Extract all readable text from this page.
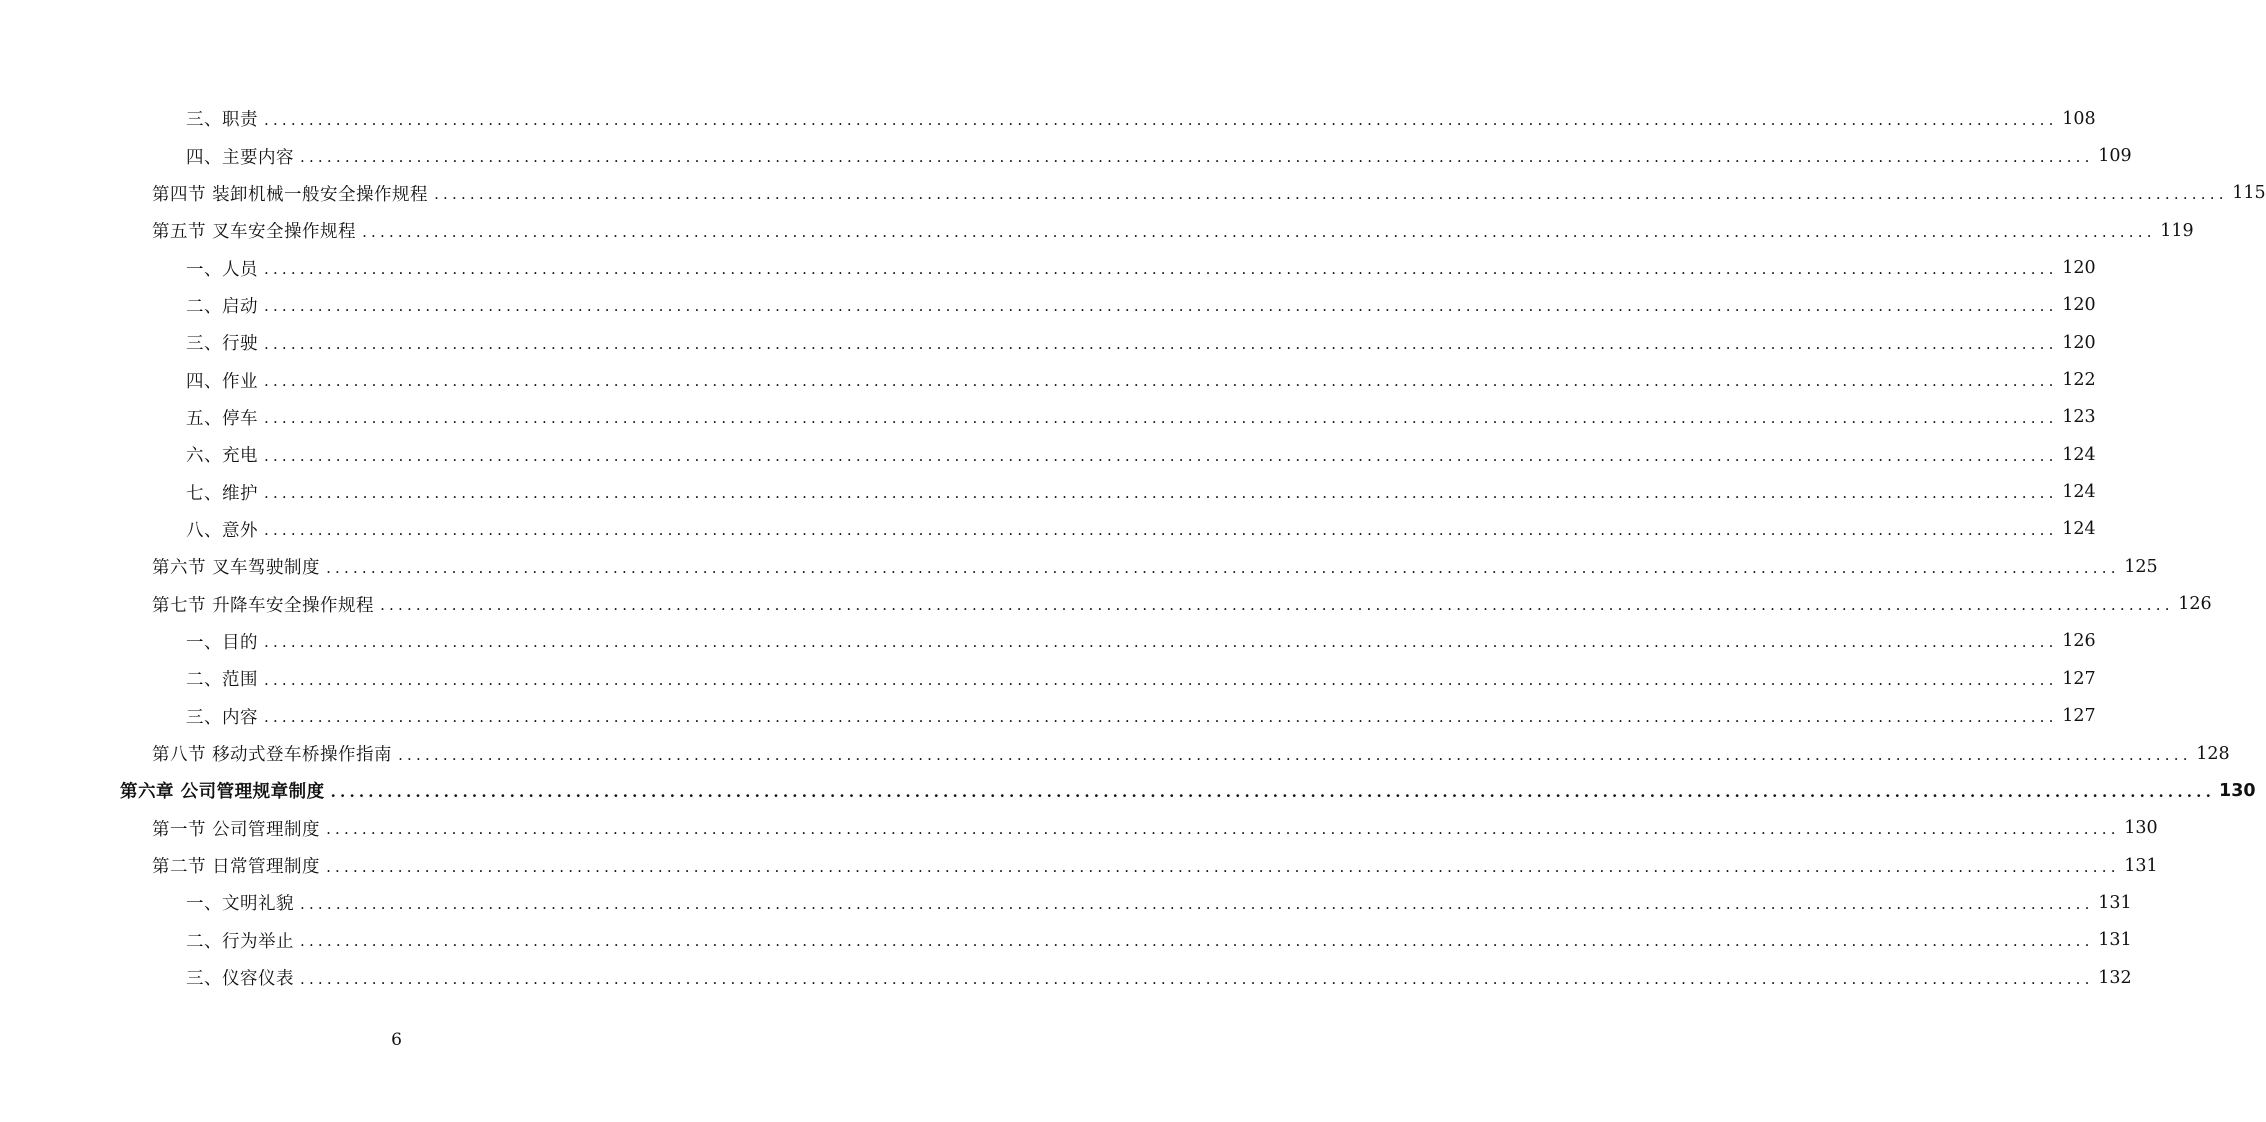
三、职责 ........................................................................................................................................................................................................ 108
四、主要内容 ........................................................................................................................................................................................................ 109
第四节 装卸机械一般安全操作规程 ........................................................................................................................................................................................................ 115
第五节 叉车安全操作规程 ........................................................................................................................................................................................................ 119
一、人员 ........................................................................................................................................................................................................ 120
二、启动 ........................................................................................................................................................................................................ 120
三、行驶 ........................................................................................................................................................................................................ 120
四、作业 ........................................................................................................................................................................................................ 122
五、停车 ........................................................................................................................................................................................................ 123
六、充电 ........................................................................................................................................................................................................ 124
七、维护 ........................................................................................................................................................................................................ 124
八、意外 ........................................................................................................................................................................................................ 124
第六节 叉车驾驶制度 ........................................................................................................................................................................................................ 125
第七节 升降车安全操作规程 ........................................................................................................................................................................................................ 126
一、目的 ........................................................................................................................................................................................................ 126
二、范围 ........................................................................................................................................................................................................ 127
三、内容 ........................................................................................................................................................................................................ 127
第八节 移动式登车桥操作指南 ........................................................................................................................................................................................................ 128
第六章 公司管理规章制度 ........................................................................................................................................................................................................ 130
第一节 公司管理制度 ........................................................................................................................................................................................................ 130
第二节 日常管理制度 ........................................................................................................................................................................................................ 131
一、文明礼貌 ........................................................................................................................................................................................................ 131
二、行为举止 ........................................................................................................................................................................................................ 131
三、仪容仪表 ........................................................................................................................................................................................................ 132
6
